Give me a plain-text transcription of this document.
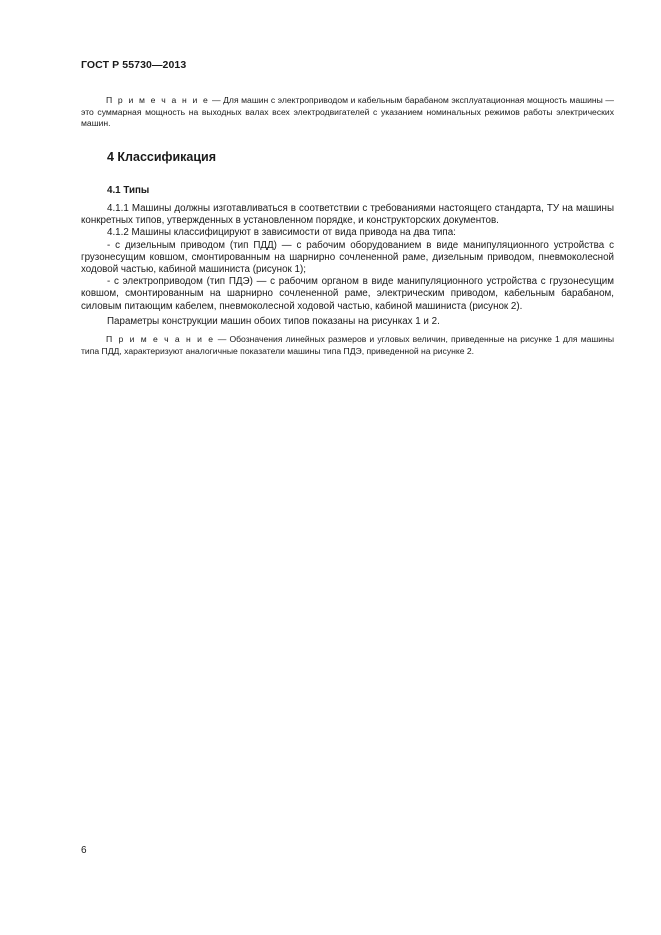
ГОСТ Р 55730—2013

П р и м е ч а н и е — Для машин с электроприводом и кабельным барабаном эксплуатационная мощность машины — это суммарная мощность на выходных валах всех электродвигателей с указанием номинальных режимов работы электрических машин.

4 Классификация
4.1 Типы

4.1.1 Машины должны изготавливаться в соответствии с требованиями настоящего стандарта, ТУ на машины конкретных типов, утвержденных в установленном порядке, и конструкторских документов.

4.1.2 Машины классифицируют в зависимости от вида привода на два типа:

- с дизельным приводом (тип ПДД) — с рабочим оборудованием в виде манипуляционного устройства с грузонесущим ковшом, смонтированным на шарнирно сочлененной раме, дизельным приводом, пневмоколесной ходовой частью, кабиной машиниста (рисунок 1);

- с электроприводом (тип ПДЭ) — с рабочим органом в виде манипуляционного устройства с грузонесущим ковшом, смонтированным на шарнирно сочлененной раме, электрическим приводом, кабельным барабаном, силовым питающим кабелем, пневмоколесной ходовой частью, кабиной машиниста (рисунок 2).

Параметры конструкции машин обоих типов показаны на рисунках 1 и 2.

П р и м е ч а н и е — Обозначения линейных размеров и угловых величин, приведенные на рисунке 1 для машины типа ПДД, характеризуют аналогичные показатели машины типа ПДЭ, приведенной на рисунке 2.

6
